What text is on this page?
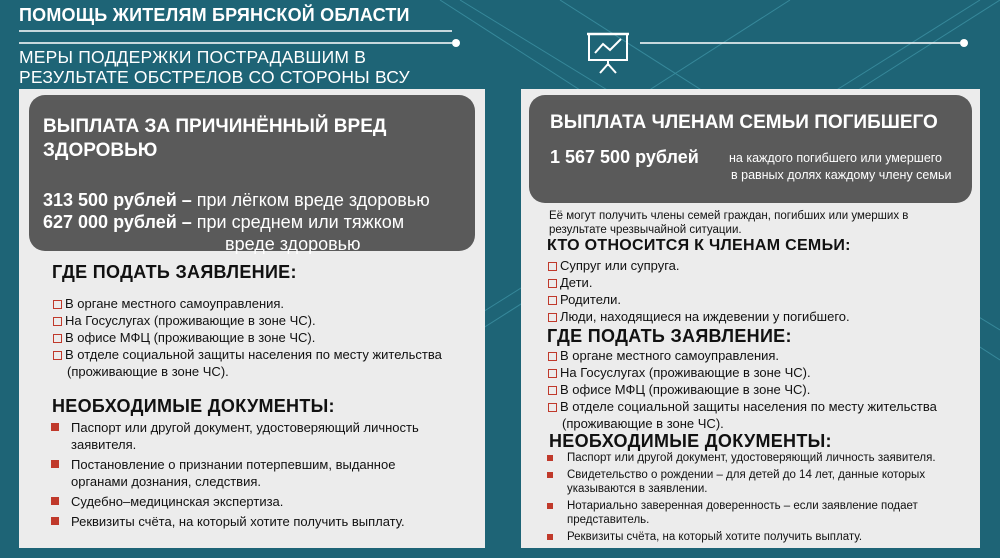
ПОМОЩЬ ЖИТЕЛЯМ БРЯНСКОЙ ОБЛАСТИ
МЕРЫ ПОДДЕРЖКИ ПОСТРАДАВШИМ В РЕЗУЛЬТАТЕ ОБСТРЕЛОВ СО СТОРОНЫ ВСУ
ВЫПЛАТА ЗА ПРИЧИНЁННЫЙ ВРЕД ЗДОРОВЬЮ
313 500 рублей – при лёгком вреде здоровью
627 000 рублей – при среднем или тяжком
вреде здоровью
ГДЕ ПОДАТЬ ЗАЯВЛЕНИЕ:
В органе местного самоуправления.
На Госуслугах (проживающие в зоне ЧС).
В офисе МФЦ (проживающие в зоне ЧС).
В отделе социальной защиты населения по месту жительства
(проживающие в зоне ЧС).
НЕОБХОДИМЫЕ ДОКУМЕНТЫ:
Паспорт или другой документ, удостоверяющий личность заявителя.
Постановление о признании потерпевшим, выданное органами дознания, следствия.
Судебно–медицинская экспертиза.
Реквизиты счёта, на который хотите получить выплату.
ВЫПЛАТА ЧЛЕНАМ СЕМЬИ ПОГИБШЕГО
1 567 500 рублей на каждого погибшего или умершего
в равных долях каждому члену семьи
Её могут получить члены семей граждан, погибших или умерших в результате чрезвычайной ситуации.
КТО ОТНОСИТСЯ К ЧЛЕНАМ СЕМЬИ:
Супруг или супруга.
Дети.
Родители.
Люди, находящиеся на иждевении у погибшего.
ГДЕ ПОДАТЬ ЗАЯВЛЕНИЕ:
В органе местного самоуправления.
На Госуслугах (проживающие в зоне ЧС).
В офисе МФЦ (проживающие в зоне ЧС).
В отделе социальной защиты населения по месту жительства
(проживающие в зоне ЧС).
НЕОБХОДИМЫЕ ДОКУМЕНТЫ:
Паспорт или другой документ, удостоверяющий личность заявителя.
Свидетельство о рождении – для детей до 14 лет, данные которых указываются в заявлении.
Нотариально заверенная доверенность – если заявление подает представитель.
Реквизиты счёта, на который хотите получить выплату.
